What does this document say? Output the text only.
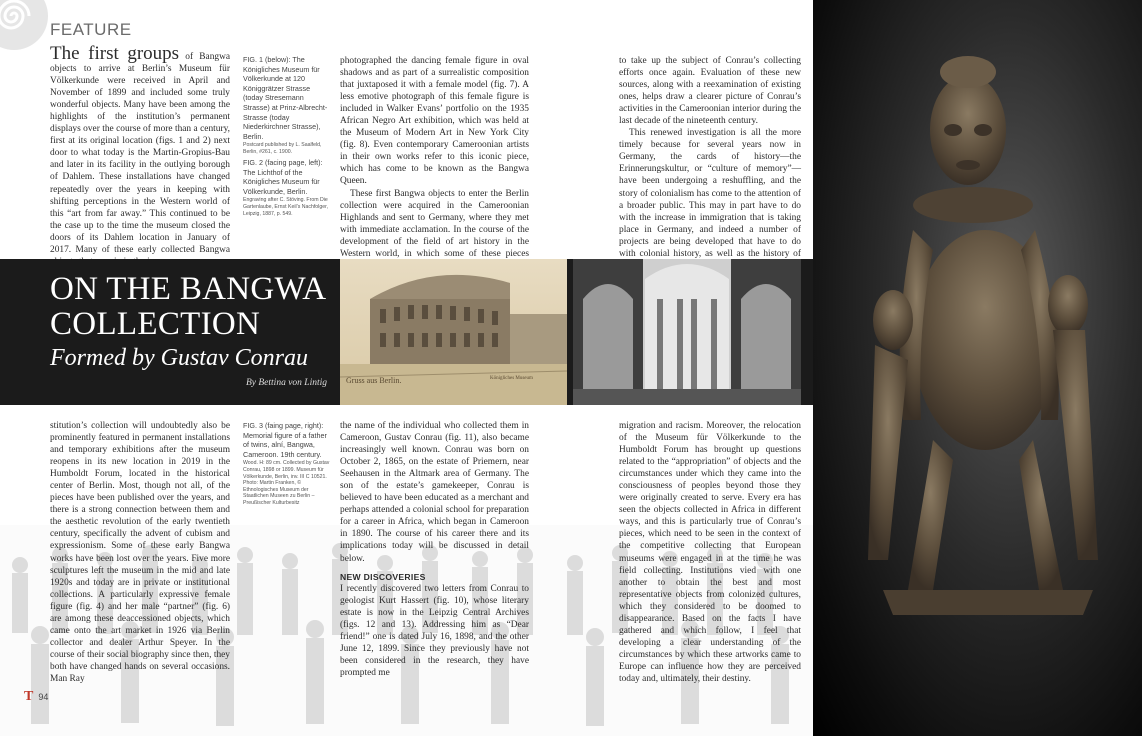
FEATURE
The first groups of Bangwa objects to arrive at Berlin’s Museum für Völkerkunde were received in April and November of 1899 and included some truly wonderful objects. Many have been among the highlights of the institution’s permanent displays over the course of more than a century, first at its original location (figs. 1 and 2) next door to what today is the Martin-Gropius-Bau and later in its facility in the outlying borough of Dahlem. These installations have changed repeatedly over the years in keeping with shifting perceptions in the Western world of this “art from far away.” This continued to be the case up to the time the museum closed the doors of its Dahlem location in January of 2017. Many of these early collected Bangwa
FIG. 1 (below): The Königliches Museum für Völkerkunde at 120 Königgrätzer Strasse (today Stresemann Strasse) at Prinz-Albrecht-Strasse (today Niederkirchner Strasse), Berlin.
Postcard published by L. Saalfeld, Berlin, #261, c. 1900.
FIG. 2 (facing page, left): The Lichthof of the Königliches Museum für Völkerkunde, Berlin.
Engraving after C. Stöving. From Die Gartenlaube, Ernst Keil’s Nachfolger, Leipzig, 1887, p. 549.
photographed the dancing female figure in oval shadows and as part of a surrealistic composition that juxtaposed it with a female model (fig. 7). A less emotive photograph of this female figure is included in Walker Evans’ portfolio on the 1935 African Negro Art exhibition, which was held at the Museum of Modern Art in New York City (fig. 8). Even contemporary Cameroonian artists in their own works refer to this iconic piece, which has come to be known as the Bangwa Queen.
These first Bangwa objects to enter the Berlin collection were acquired in the Cameroonian Highlands and sent to Germany, where they met with immediate acclamation. In the course of the development of the field of art history in the Western world, in which some of these pieces
to take up the subject of Conrau’s collecting efforts once again. Evaluation of these new sources, along with a reexamination of existing ones, helps draw a clearer picture of Conrau’s activities in the Cameroonian interior during the last decade of the nineteenth century.
This renewed investigation is all the more timely because for several years now in Germany, the cards of history—the Erinnerungskultur, or “culture of memory”—have been undergoing a reshuffling, and the story of colonialism has come to the attention of a broader public. This may in part have to do with the increase in immigration that is taking place in Germany, and indeed a number of projects are being developed that have to do with colonial history, as well as the history of
ON THE BANGWA
COLLECTION
Formed by Gustav Conrau
By Bettina von Lintig Gruss aus Berlin.	Königliches Museum
stitution’s collection will undoubtedly also be prominently featured in permanent installations and temporary exhibitions after the museum reopens in its new location in 2019 in the Humboldt Forum, located in the historical center of Berlin. Most, though not all, of the pieces have been published over the years, and there is a strong connection between them and the aesthetic revolution of the early twentieth century, specifically the advent of cubism and expressionism. Some of these early Bangwa works have been lost over the years. Five more sculptures left the museum in the mid and late 1920s and today are in private or institutional collections. A particularly expressive female figure (fig. 4) and her male “partner” (fig. 6) are among these deaccessioned objects, which came onto the art market in 1926 via Berlin collector and dealer Arthur Speyer. In the course of their social biography since then, they both have changed hands on several occasions. Man Ray
FIG. 3 (faing page, right): Memorial figure of a father of twins, alní, Bangwa, Cameroon. 19th century.
Wood. H: 89 cm. Collected by Gustav Conrau, 1898 or 1899. Museum für Völkerkunde, Berlin, inv. III C 10521. Photo: Martin Franken, © Ethnologisches Museum der Staatlichen Museen zu Berlin – Preußischer Kulturbesitz
the name of the individual who collected them in Cameroon, Gustav Conrau (fig. 11), also became increasingly well known. Conrau was born on October 2, 1865, on the estate of Priemern, near Seehausen in the Altmark area of Germany. The son of the estate’s gamekeeper, Conrau is believed to have been educated as a merchant and perhaps attended a colonial school for preparation for a career in Africa, which began in Cameroon in 1890. The course of his career there and its implications today will be discussed in detail below.
NEW DISCOVERIES
I recently discovered two letters from Conrau to geologist Kurt Hassert (fig. 10), whose literary estate is now in the Leipzig Central Archives (figs. 12 and 13). Addressing him as “Dear friend!” one is dated July 16, 1898, and the other June 12, 1899. Since they previously have not been considered in the research, they have prompted me
migration and racism. Moreover, the relocation of the Museum für Völkerkunde to the Humboldt Forum has brought up questions related to the “appropriation” of objects and the circumstances under which they came into the consciousness of peoples beyond those they were originally created to serve. Every era has seen the objects collected in Africa in different ways, and this is particularly true of Conrau’s pieces, which need to be seen in the context of the competitive collecting that European museums were engaged in at the time he was field collecting. Institutions vied with one another to obtain the best and most representative objects from colonized cultures, which they considered to be doomed to disappearance. Based on the facts I have gathered and which follow, I feel that developing a clear understanding of the circumstances by which these artworks came to Europe can influence how they are perceived today and, ultimately, their destiny.
T 94
